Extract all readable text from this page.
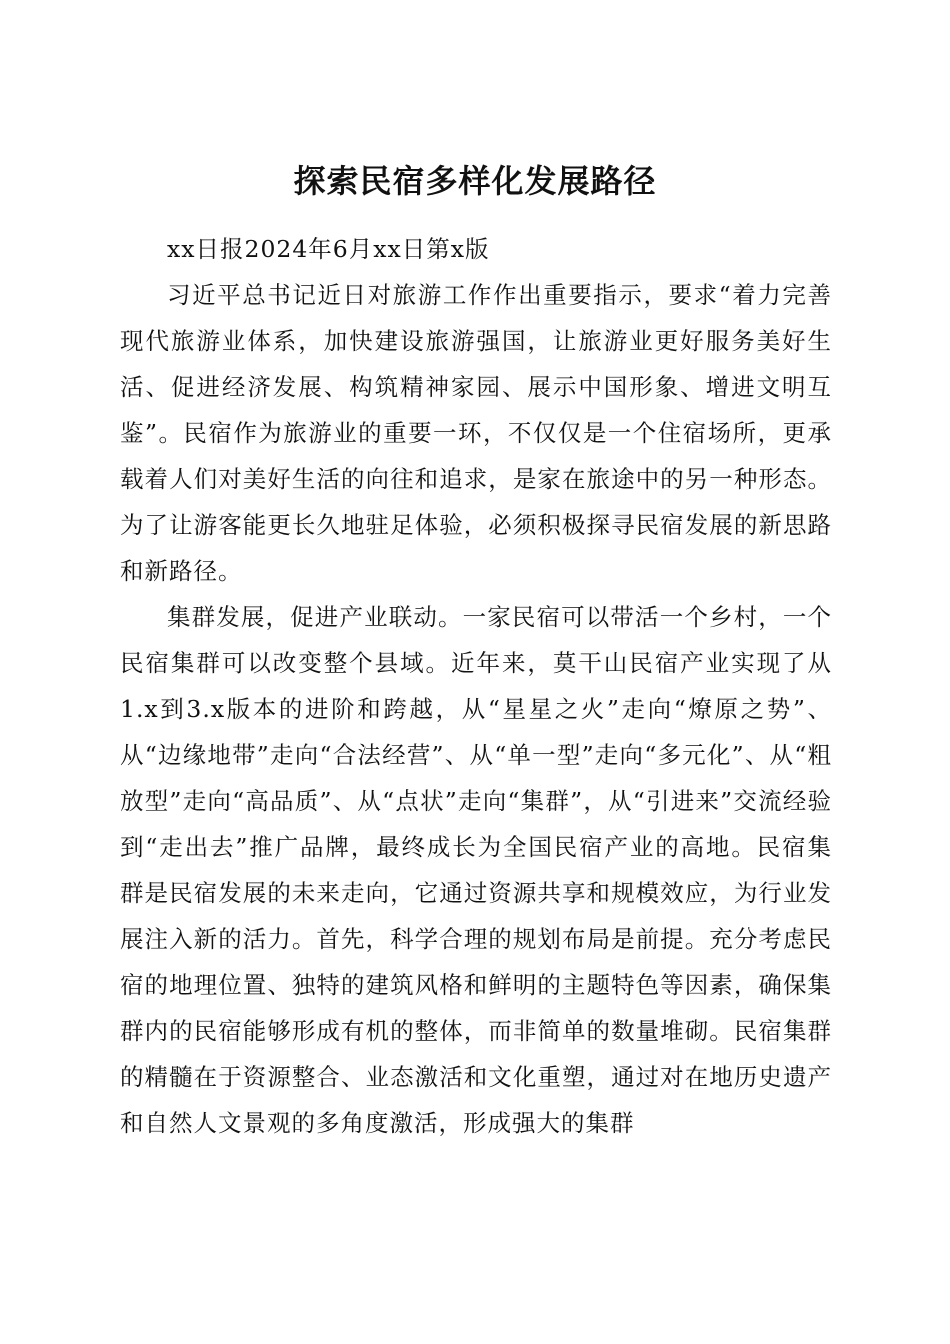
探索民宿多样化发展路径

xx日报2024年6月xx日第x版

习近平总书记近日对旅游工作作出重要指示，要求“着力完善现代旅游业体系，加快建设旅游强国，让旅游业更好服务美好生活、促进经济发展、构筑精神家园、展示中国形象、增进文明互鉴”。民宿作为旅游业的重要一环，不仅仅是一个住宿场所，更承载着人们对美好生活的向往和追求，是家在旅途中的另一种形态。为了让游客能更长久地驻足体验，必须积极探寻民宿发展的新思路和新路径。

集群发展，促进产业联动。一家民宿可以带活一个乡村，一个民宿集群可以改变整个县域。近年来，莫干山民宿产业实现了从1.x到3.x版本的进阶和跨越，从“星星之火”走向“燎原之势”、从“边缘地带”走向“合法经营”、从“单一型”走向“多元化”、从“粗放型”走向“高品质”、从“点状”走向“集群”，从“引进来”交流经验到“走出去”推广品牌，最终成长为全国民宿产业的高地。民宿集群是民宿发展的未来走向，它通过资源共享和规模效应，为行业发展注入新的活力。首先，科学合理的规划布局是前提。充分考虑民宿的地理位置、独特的建筑风格和鲜明的主题特色等因素，确保集群内的民宿能够形成有机的整体，而非简单的数量堆砌。民宿集群的精髓在于资源整合、业态激活和文化重塑，通过对在地历史遗产和自然人文景观的多角度激活，形成强大的集群
